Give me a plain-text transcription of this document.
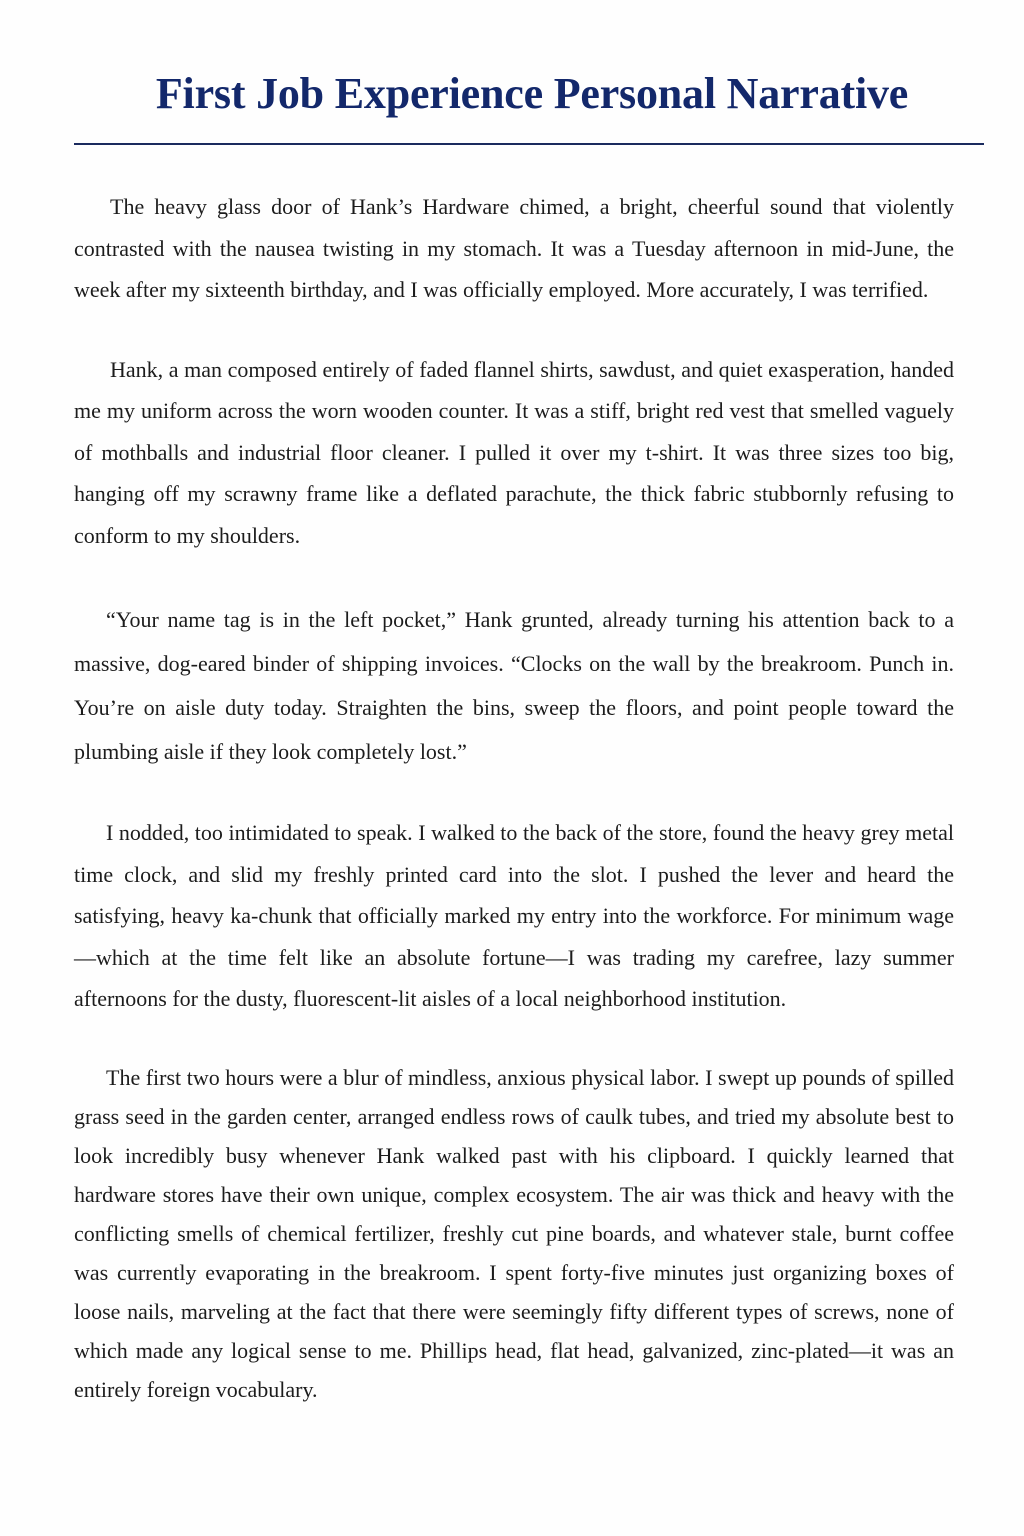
First Job Experience Personal Narrative

The heavy glass door of Hank’s Hardware chimed, a bright, cheerful sound that violently contrasted with the nausea twisting in my stomach. It was a Tuesday afternoon in mid-June, the week after my sixteenth birthday, and I was officially employed. More accurately, I was terrified.

Hank, a man composed entirely of faded flannel shirts, sawdust, and quiet exasperation, handed me my uniform across the worn wooden counter. It was a stiff, bright red vest that smelled vaguely of mothballs and industrial floor cleaner. I pulled it over my t-shirt. It was three sizes too big, hanging off my scrawny frame like a deflated parachute, the thick fabric stubbornly refusing to conform to my shoulders.

“Your name tag is in the left pocket,” Hank grunted, already turning his attention back to a massive, dog-eared binder of shipping invoices. “Clocks on the wall by the breakroom. Punch in. You’re on aisle duty today. Straighten the bins, sweep the floors, and point people toward the plumbing aisle if they look completely lost.”

I nodded, too intimidated to speak. I walked to the back of the store, found the heavy grey metal time clock, and slid my freshly printed card into the slot. I pushed the lever and heard the satisfying, heavy ka-chunk that officially marked my entry into the workforce. For minimum wage—which at the time felt like an absolute fortune—I was trading my carefree, lazy summer afternoons for the dusty, fluorescent-lit aisles of a local neighborhood institution.

The first two hours were a blur of mindless, anxious physical labor. I swept up pounds of spilled grass seed in the garden center, arranged endless rows of caulk tubes, and tried my absolute best to look incredibly busy whenever Hank walked past with his clipboard. I quickly learned that hardware stores have their own unique, complex ecosystem. The air was thick and heavy with the conflicting smells of chemical fertilizer, freshly cut pine boards, and whatever stale, burnt coffee was currently evaporating in the breakroom. I spent forty-five minutes just organizing boxes of loose nails, marveling at the fact that there were seemingly fifty different types of screws, none of which made any logical sense to me. Phillips head, flat head, galvanized, zinc-plated—it was an entirely foreign vocabulary.
